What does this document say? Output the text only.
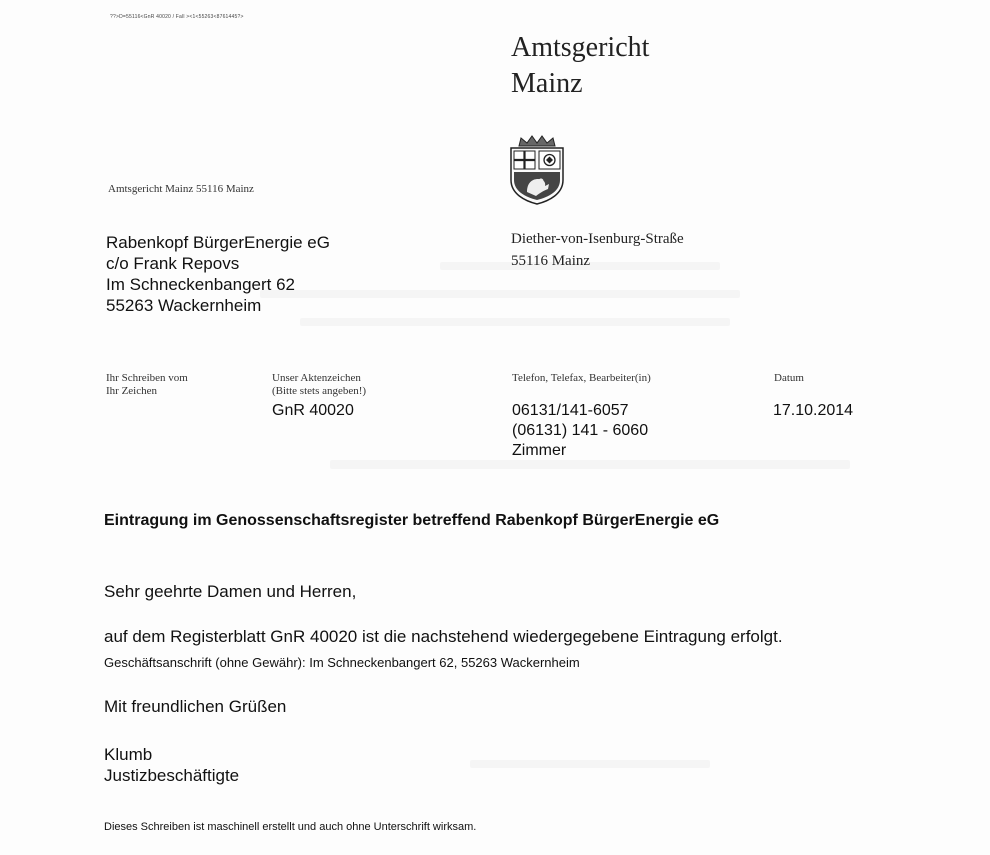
??>D=55116<GnR 40020 / Fall ><1<55263<8761445?>
Amtsgericht
Mainz
Amtsgericht Mainz 55116 Mainz
Rabenkopf BürgerEnergie eG
c/o Frank Repovs
Im Schneckenbangert 62
55263 Wackernheim
Diether-von-Isenburg-Straße
55116 Mainz
Ihr Schreiben vom
Ihr Zeichen
Unser Aktenzeichen
(Bitte stets angeben!)
GnR 40020
Telefon, Telefax, Bearbeiter(in)
06131/141-6057
(06131) 141 - 6060
Zimmer
Datum
17.10.2014
Eintragung im Genossenschaftsregister betreffend Rabenkopf BürgerEnergie eG
Sehr geehrte Damen und Herren,
auf dem Registerblatt GnR 40020 ist die nachstehend wiedergegebene Eintragung erfolgt.
Geschäftsanschrift (ohne Gewähr): Im Schneckenbangert 62, 55263 Wackernheim
Mit freundlichen Grüßen
Klumb
Justizbeschäftigte
Dieses Schreiben ist maschinell erstellt und auch ohne Unterschrift wirksam.
